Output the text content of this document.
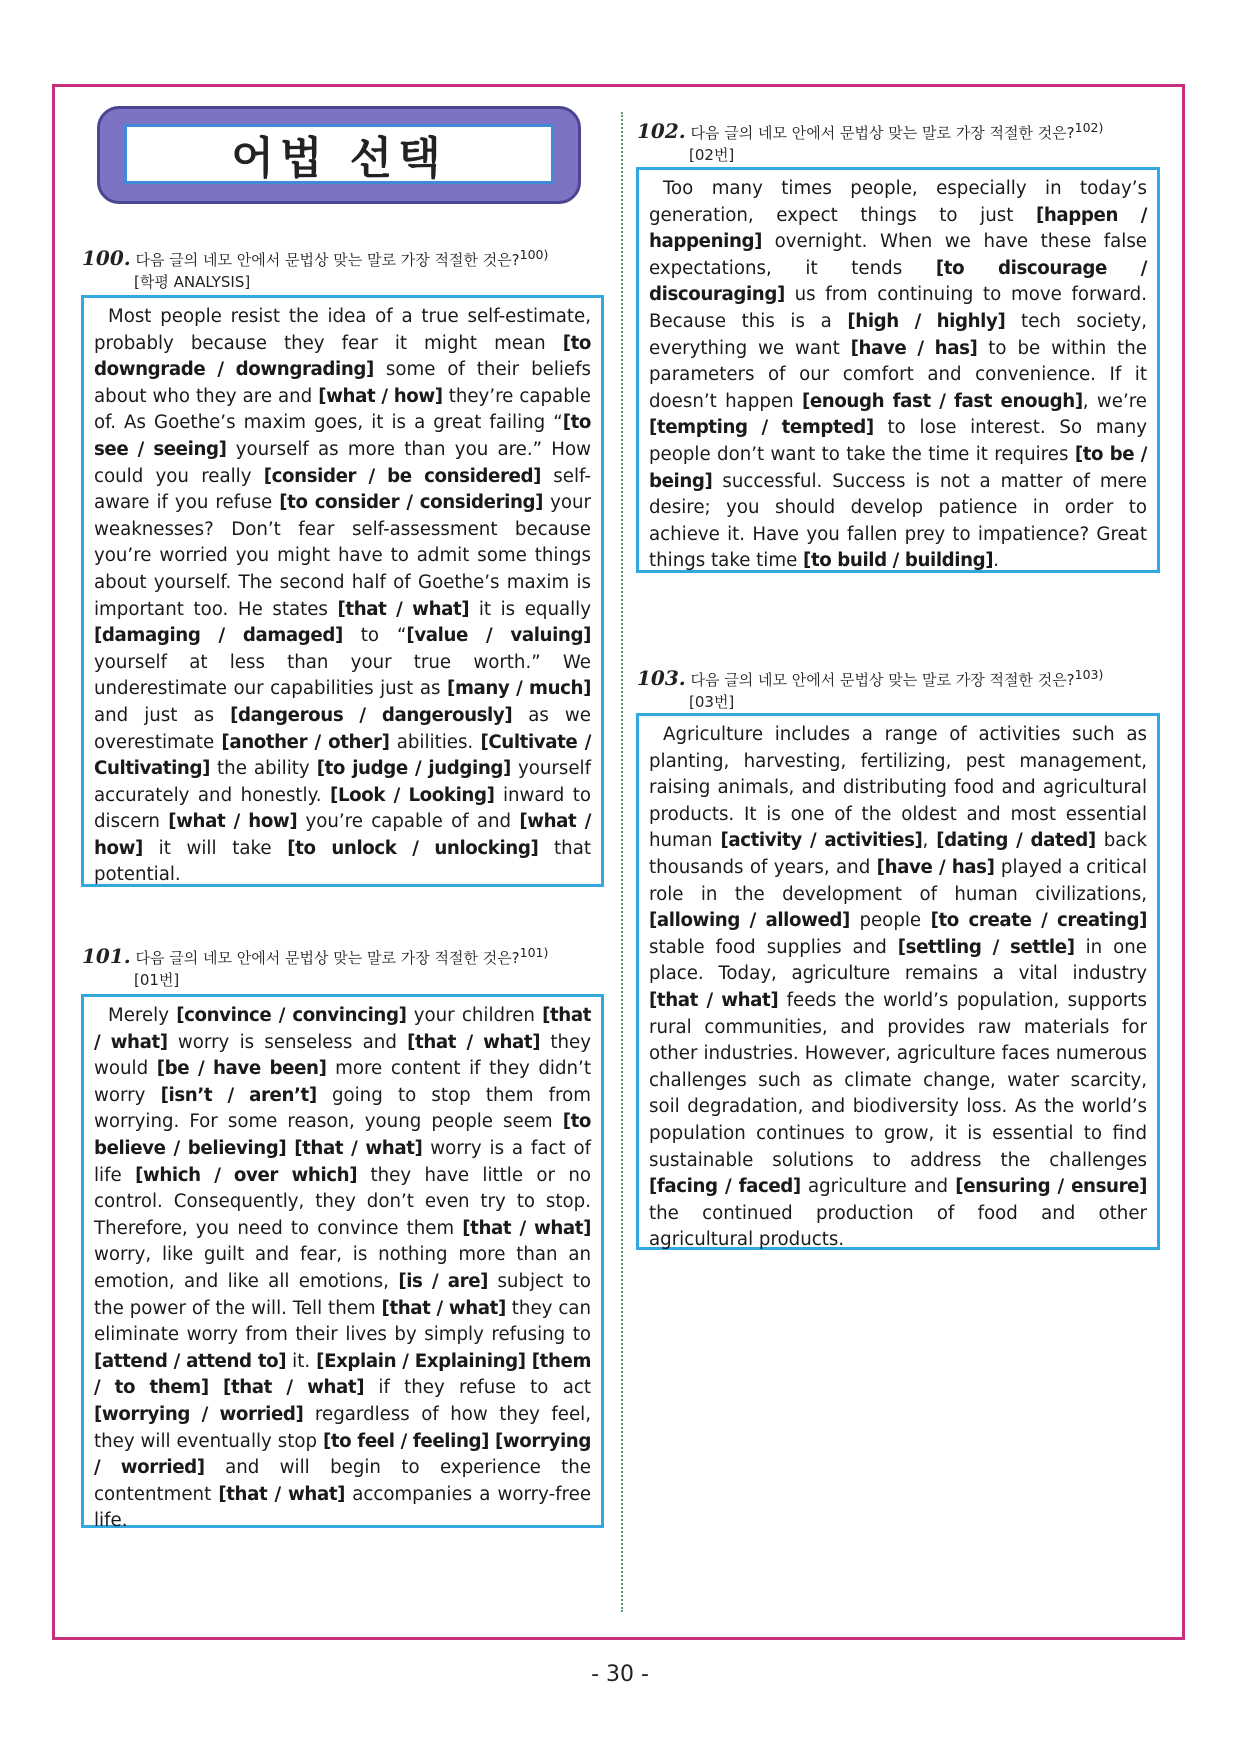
어법 선택
100. 다음 글의 네모 안에서 문법상 맞는 말로 가장 적절한 것은?$^{100)}$
[학평 ANALYSIS]

Most people resist the idea of a true self-estimate, probably because they fear it might mean [to downgrade / downgrading] some of their beliefs about who they are and [what / how] they’re capable of. As Goethe’s maxim goes, it is a great failing “[to see / seeing] yourself as more than you are.” How could you really [consider / be considered] self-aware if you refuse [to consider / considering] your weaknesses? Don’t fear self-assessment because you’re worried you might have to admit some things about yourself. The second half of Goethe’s maxim is important too. He states [that / what] it is equally [damaging / damaged] to “[value / valuing] yourself at less than your true worth.” We underestimate our capabilities just as [many / much] and just as [dangerous / dangerously] as we overestimate [another / other] abilities. [Cultivate / Cultivating] the ability [to judge / judging] yourself accurately and honestly. [Look / Looking] inward to discern [what / how] you’re capable of and [what / how] it will take [to unlock / unlocking] that potential.

101. 다음 글의 네모 안에서 문법상 맞는 말로 가장 적절한 것은?$^{101)}$
[01번]

Merely [convince / convincing] your children [that / what] worry is senseless and [that / what] they would [be / have been] more content if they didn’t worry [isn’t / aren’t] going to stop them from worrying. For some reason, young people seem [to believe / believing] [that / what] worry is a fact of life [which / over which] they have little or no control. Consequently, they don’t even try to stop. Therefore, you need to convince them [that / what] worry, like guilt and fear, is nothing more than an emotion, and like all emotions, [is / are] subject to the power of the will. Tell them [that / what] they can eliminate worry from their lives by simply refusing to [attend / attend to] it. [Explain / Explaining] [them / to them] [that / what] if they refuse to act [worrying / worried] regardless of how they feel, they will eventually stop [to feel / feeling] [worrying / worried] and will begin to experience the contentment [that / what] accompanies a worry-free life.

102. 다음 글의 네모 안에서 문법상 맞는 말로 가장 적절한 것은?$^{102)}$
[02번]

Too many times people, especially in today’s generation, expect things to just [happen / happening] overnight. When we have these false expectations, it tends [to discourage / discouraging] us from continuing to move forward. Because this is a [high / highly] tech society, everything we want [have / has] to be within the parameters of our comfort and convenience. If it doesn’t happen [enough fast / fast enough], we’re [tempting / tempted] to lose interest. So many people don’t want to take the time it requires [to be / being] successful. Success is not a matter of mere desire; you should develop patience in order to achieve it. Have you fallen prey to impatience? Great things take time [to build / building].

103. 다음 글의 네모 안에서 문법상 맞는 말로 가장 적절한 것은?$^{103)}$
[03번]

Agriculture includes a range of activities such as planting, harvesting, fertilizing, pest management, raising animals, and distributing food and agricultural products. It is one of the oldest and most essential human [activity / activities], [dating / dated] back thousands of years, and [have / has] played a critical role in the development of human civilizations, [allowing / allowed] people [to create / creating] stable food supplies and [settling / settle] in one place. Today, agriculture remains a vital industry [that / what] feeds the world’s population, supports rural communities, and provides raw materials for other industries. However, agriculture faces numerous challenges such as climate change, water scarcity, soil degradation, and biodiversity loss. As the world’s population continues to grow, it is essential to find sustainable solutions to address the challenges [facing / faced] agriculture and [ensuring / ensure] the continued production of food and other agricultural products.

- 30 -
